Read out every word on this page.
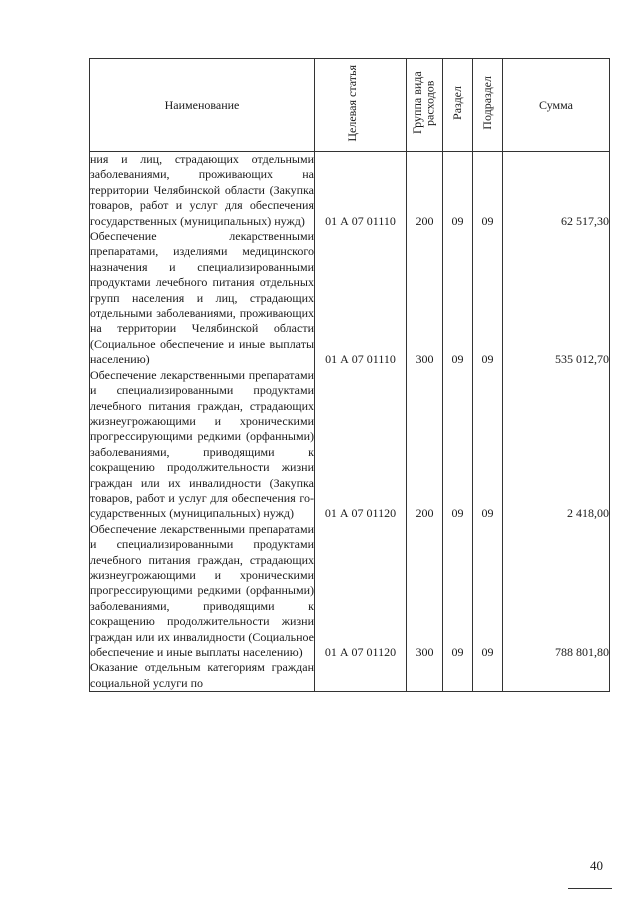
Наименование	Целевая статья	Группа вида расходов	Раздел	Подраздел	Сумма
ния и лиц, страдающих отдельными заболеваниями, проживающих на территории Челябинской области (Закупка товаров, работ и услуг для обеспечения государственных (муниципальных) нужд)	01 А 07 01110	200	09	09	62 517,30
Обеспечение лекарственными препаратами, изделиями медицинского назначения и специализированными продуктами лечебного питания отдельных групп населения и лиц, страдающих отдельными заболеваниями, проживающих на территории Челябинской области (Социальное обеспечение и иные выплаты населению)	01 А 07 01110	300	09	09	535 012,70
Обеспечение лекарственными препаратами и специализированными продуктами лечебного питания граждан, страдающих жизнеугрожающими и хроническими прогрессирующими редкими (орфанными) заболеваниями, приводящими к сокращению продолжительности жизни граждан или их инвалидности (Закупка товаров, работ и услуг для обеспечения государственных (муниципальных) нужд)	01 А 07 01120	200	09	09	2 418,00
Обеспечение лекарственными препаратами и специализированными продуктами лечебного питания граждан, страдающих жизнеугрожающими и хроническими прогрессирующими редкими (орфанными) заболеваниями, приводящими к сокращению продолжительности жизни граждан или их инвалидности (Социальное обеспечение и иные выплаты населению)	01 А 07 01120	300	09	09	788 801,80
Оказание отдельным категориям граждан социальной услуги по					
40
